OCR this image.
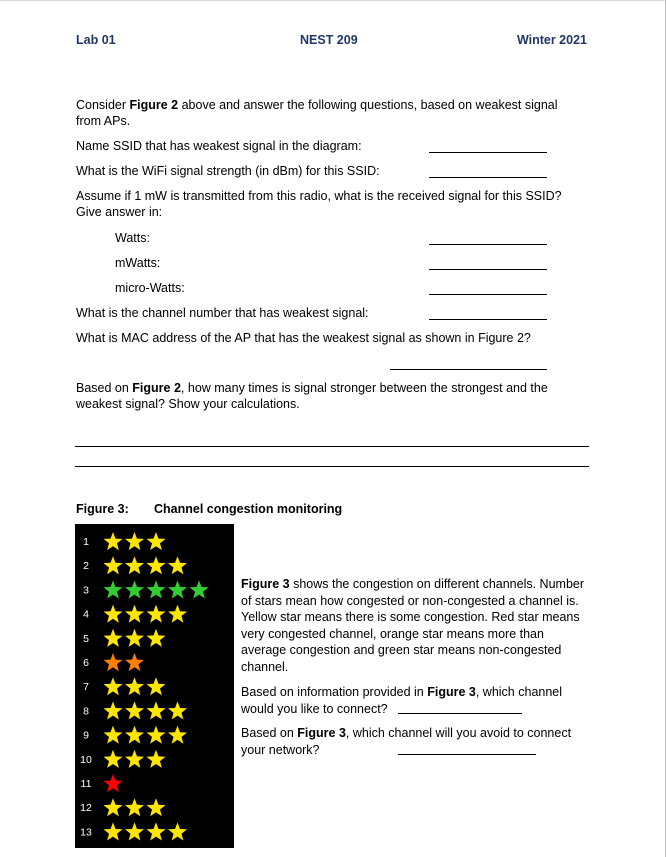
Lab 01	NEST 209	Winter 2021
Consider Figure 2 above and answer the following questions, based on weakest signal
from APs.
Name SSID that has weakest signal in the diagram:
What is the WiFi signal strength (in dBm) for this SSID:
Assume if 1 mW is transmitted from this radio, what is the received signal for this SSID?
Give answer in:
Watts:
mWatts:
micro-Watts:
What is the channel number that has weakest signal:
What is MAC address of the AP that has the weakest signal as shown in Figure 2?
Based on Figure 2, how many times is signal stronger between the strongest and the
weakest signal? Show your calculations.
Figure 3: Channel congestion monitoring
1
2
3
4
5
6
7
8
9
10
11
12
13
Figure 3 shows the congestion on different channels. Number of stars mean how congested or non-congested a channel is. Yellow star means there is some congestion. Red star means very congested channel, orange star means more than average congestion and green star means non-congested channel.
Based on information provided in Figure 3, which channel would you like to connect?
Based on Figure 3, which channel will you avoid to connect your network?
